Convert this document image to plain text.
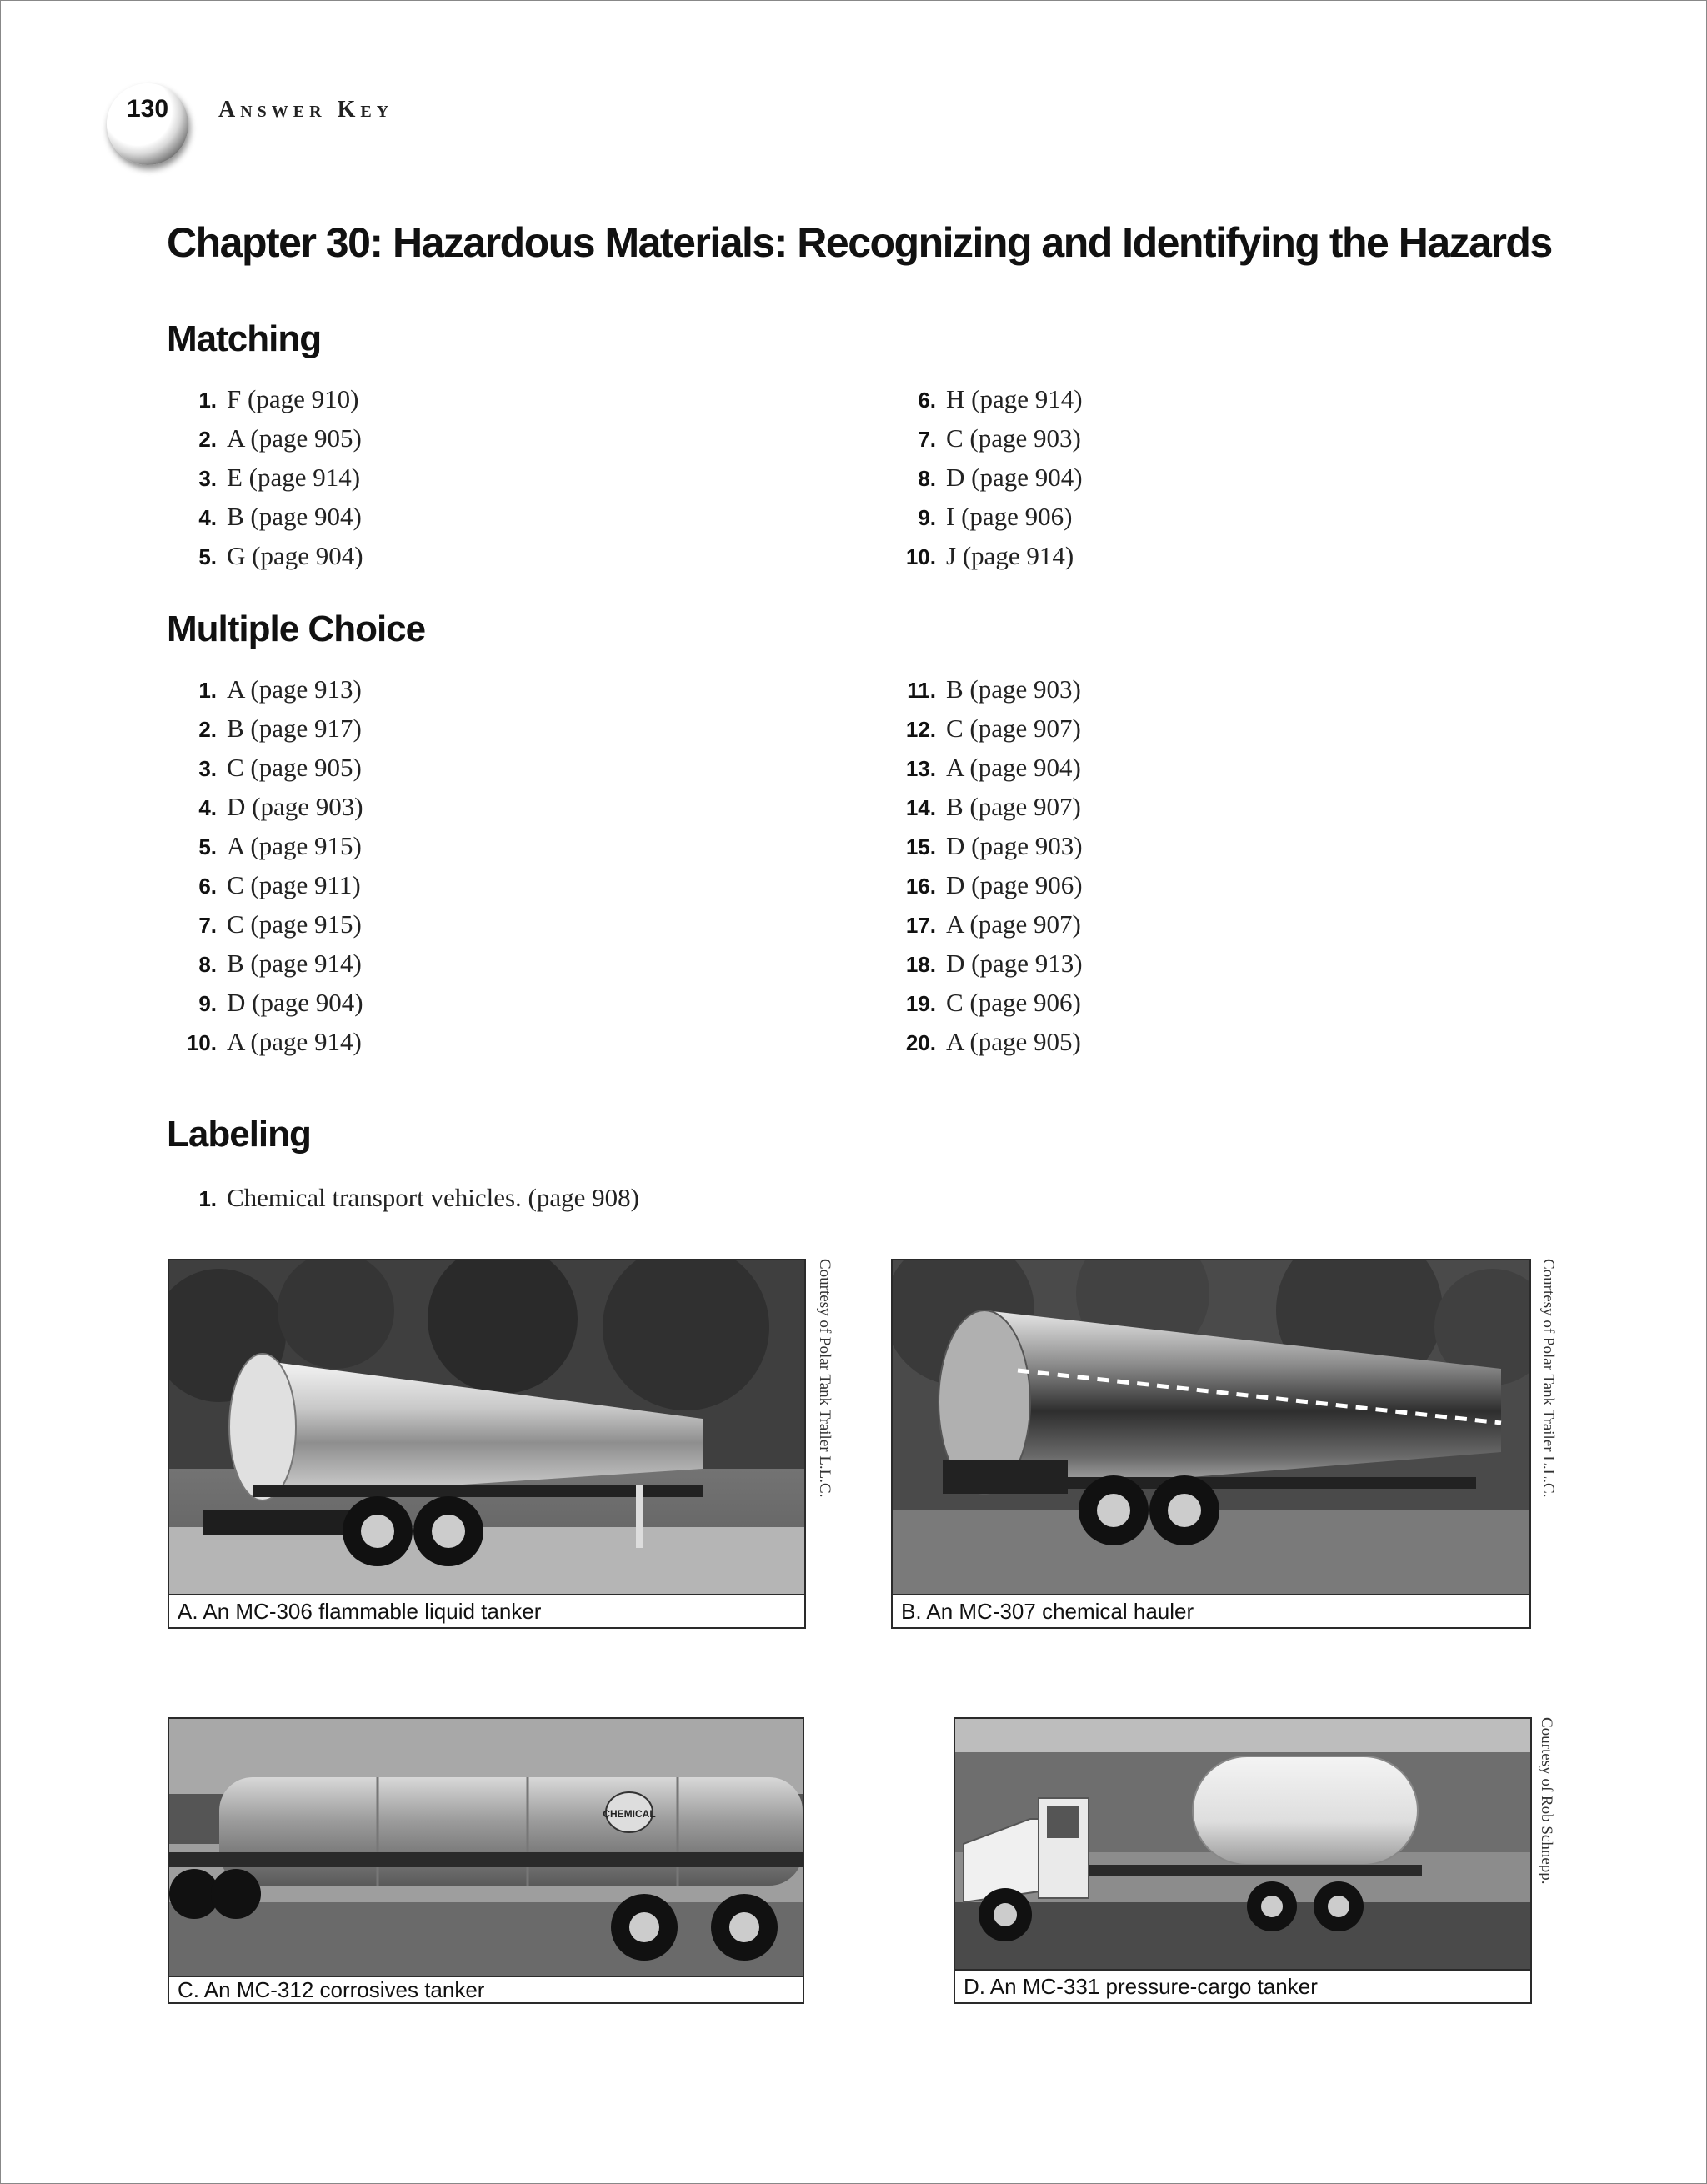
130 Answer Key
Chapter 30: Hazardous Materials: Recognizing and Identifying the Hazards
Matching
1. F (page 910)
2. A (page 905)
3. E (page 914)
4. B (page 904)
5. G (page 904)
6. H (page 914)
7. C (page 903)
8. D (page 904)
9. I (page 906)
10. J (page 914)
Multiple Choice
1. A (page 913)
2. B (page 917)
3. C (page 905)
4. D (page 903)
5. A (page 915)
6. C (page 911)
7. C (page 915)
8. B (page 914)
9. D (page 904)
10. A (page 914)
11. B (page 903)
12. C (page 907)
13. A (page 904)
14. B (page 907)
15. D (page 903)
16. D (page 906)
17. A (page 907)
18. D (page 913)
19. C (page 906)
20. A (page 905)
Labeling
1. Chemical transport vehicles. (page 908)
A. An MC-306 flammable liquid tanker
Courtesy of Polar Tank Trailer L.L.C.
B. An MC-307 chemical hauler
Courtesy of Polar Tank Trailer L.L.C.
CHEMICAL
C. An MC-312 corrosives tanker	D. An MC-331 pressure-cargo tanker
Courtesy of Rob Schnepp.
